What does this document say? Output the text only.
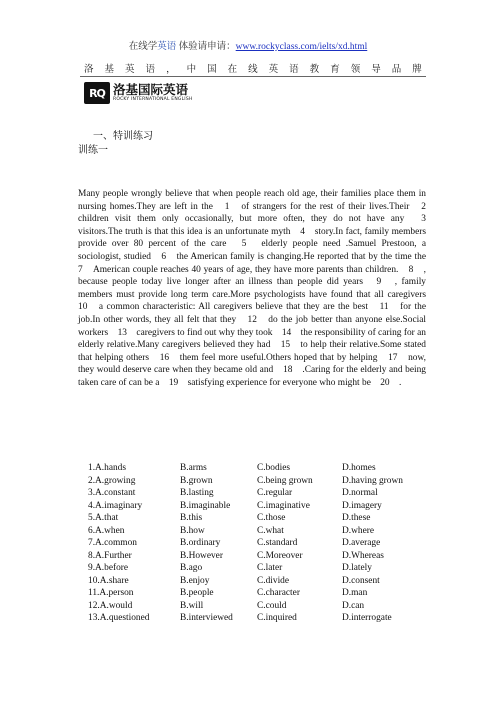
在线学英语 体验请申请：www.rockyclass.com/ielts/xd.html
洛 基 英 语 ， 中 国 在 线 英 语 教 育 领 导 品 牌
RQ 洛基国际英语
ROCKY INTERNATIONAL ENGLISH
一、特训练习
训练一
Many people wrongly believe that when people reach old age, their families place them in nursing homes.They are left in the　1　of strangers for the rest of their lives.Their　2　children visit them only occasionally, but more often, they do not have any　3　visitors.The truth is that this idea is an unfortunate myth　4　story.In fact, family members provide over 80 percent of the care　5　elderly people need .Samuel Prestoon, a sociologist, studied　6　the American family is changing.He reported that by the time the　7　American couple reaches 40 years of age, they have more parents than children.　8　, because people today live longer after an illness than people did years　9　, family members must provide long term care.More psychologists have found that all caregivers　10　a common characteristic: All caregivers believe that they are the best　11　for the job.In other words, they all felt that they　12　do the job better than anyone else.Social workers　13　caregivers to find out why they took　14　the responsibility of caring for an elderly relative.Many caregivers believed they had　15　to help their relative.Some stated that helping others　16　them feel more useful.Others hoped that by helping　17　now, they would deserve care when they became old and　18　.Caring for the elderly and being taken care of can be a　19　satisfying experience for everyone who might be　20　.
1.A.hands	B.arms	C.bodies	D.homes
2.A.growing	B.grown	C.being grown	D.having grown
3.A.constant	B.lasting	C.regular	D.normal
4.A.imaginary	B.imaginable	C.imaginative	D.imagery
5.A.that	B.this	C.those	D.these
6.A.when	B.how	C.what	D.where
7.A.common	B.ordinary	C.standard	D.average
8.A.Further	B.However	C.Moreover	D.Whereas
9.A.before	B.ago	C.later	D.lately
10.A.share	B.enjoy	C.divide	D.consent
11.A.person	B.people	C.character	D.man
12.A.would	B.will	C.could	D.can
13.A.questioned	B.interviewed	C.inquired	D.interrogate
